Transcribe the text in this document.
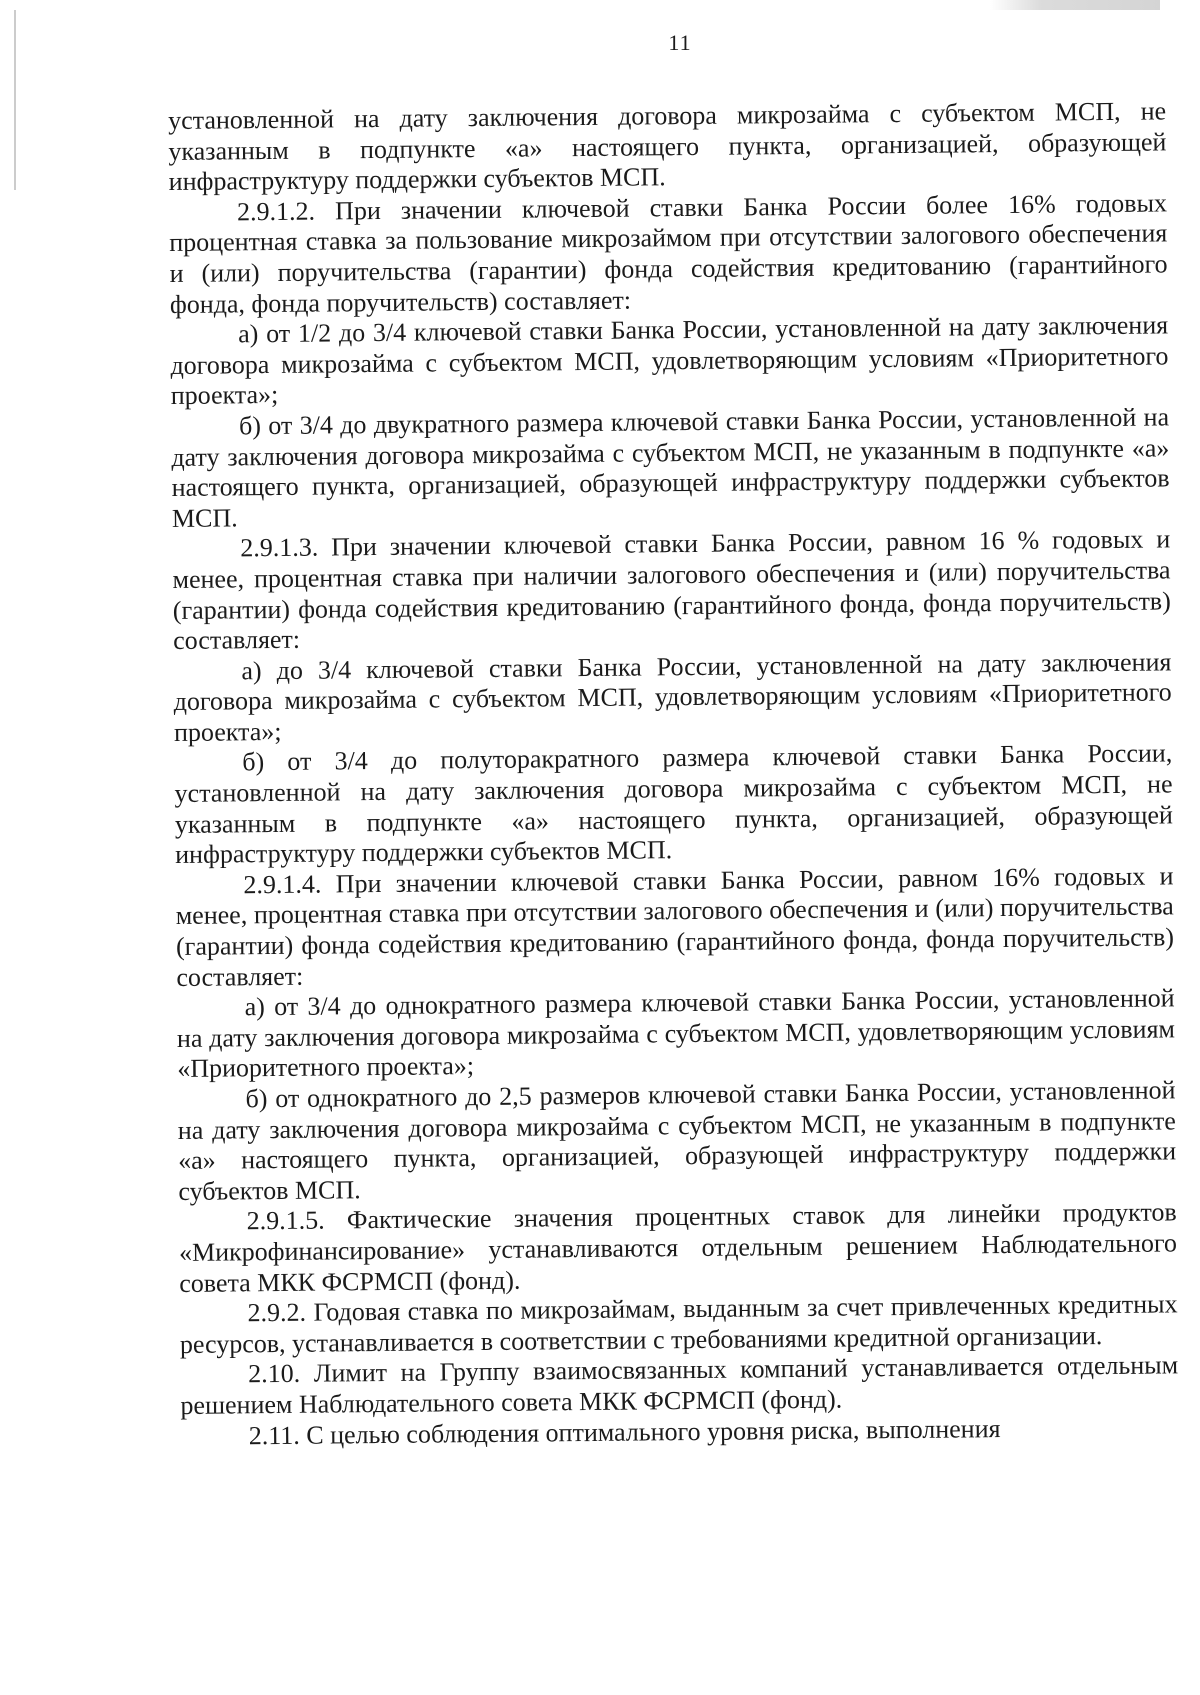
11

установленной на дату заключения договора микрозайма с субъектом МСП, не указанным в подпункте «а» настоящего пункта, организацией, образующей инфраструктуру поддержки субъектов МСП.

2.9.1.2. При значении ключевой ставки Банка России более 16% годовых процентная ставка за пользование микрозаймом при отсутствии залогового обеспечения и (или) поручительства (гарантии) фонда содействия кредитованию (гарантийного фонда, фонда поручительств) составляет:

а) от 1/2 до 3/4 ключевой ставки Банка России, установленной на дату заключения договора микрозайма с субъектом МСП, удовлетворяющим условиям «Приоритетного проекта»;

б) от 3/4 до двукратного размера ключевой ставки Банка России, установленной на дату заключения договора микрозайма с субъектом МСП, не указанным в подпункте «а» настоящего пункта, организацией, образующей инфраструктуру поддержки субъектов МСП.

2.9.1.3. При значении ключевой ставки Банка России, равном 16 % годовых и менее, процентная ставка при наличии залогового обеспечения и (или) поручительства (гарантии) фонда содействия кредитованию (гарантийного фонда, фонда поручительств) составляет:

а) до 3/4 ключевой ставки Банка России, установленной на дату заключения договора микрозайма с субъектом МСП, удовлетворяющим условиям «Приоритетного проекта»;

б) от 3/4 до полуторакратного размера ключевой ставки Банка России, установленной на дату заключения договора микрозайма с субъектом МСП, не указанным в подпункте «а» настоящего пункта, организацией, образующей инфраструктуру поддержки субъектов МСП.

2.9.1.4. При значении ключевой ставки Банка России, равном 16% годовых и менее, процентная ставка при отсутствии залогового обеспечения и (или) поручительства (гарантии) фонда содействия кредитованию (гарантийного фонда, фонда поручительств) составляет:

а) от 3/4 до однократного размера ключевой ставки Банка России, установленной на дату заключения договора микрозайма с субъектом МСП, удовлетворяющим условиям «Приоритетного проекта»;

б) от однократного до 2,5 размеров ключевой ставки Банка России, установленной на дату заключения договора микрозайма с субъектом МСП, не указанным в подпункте «а» настоящего пункта, организацией, образующей инфраструктуру поддержки субъектов МСП.

2.9.1.5. Фактические значения процентных ставок для линейки продуктов «Микрофинансирование» устанавливаются отдельным решением Наблюдательного совета МКК ФСРМСП (фонд).

2.9.2. Годовая ставка по микрозаймам, выданным за счет привлеченных кредитных ресурсов, устанавливается в соответствии с требованиями кредитной организации.

2.10. Лимит на Группу взаимосвязанных компаний устанавливается отдельным решением Наблюдательного совета МКК ФСРМСП (фонд).

2.11. С целью соблюдения оптимального уровня риска, выполнения
